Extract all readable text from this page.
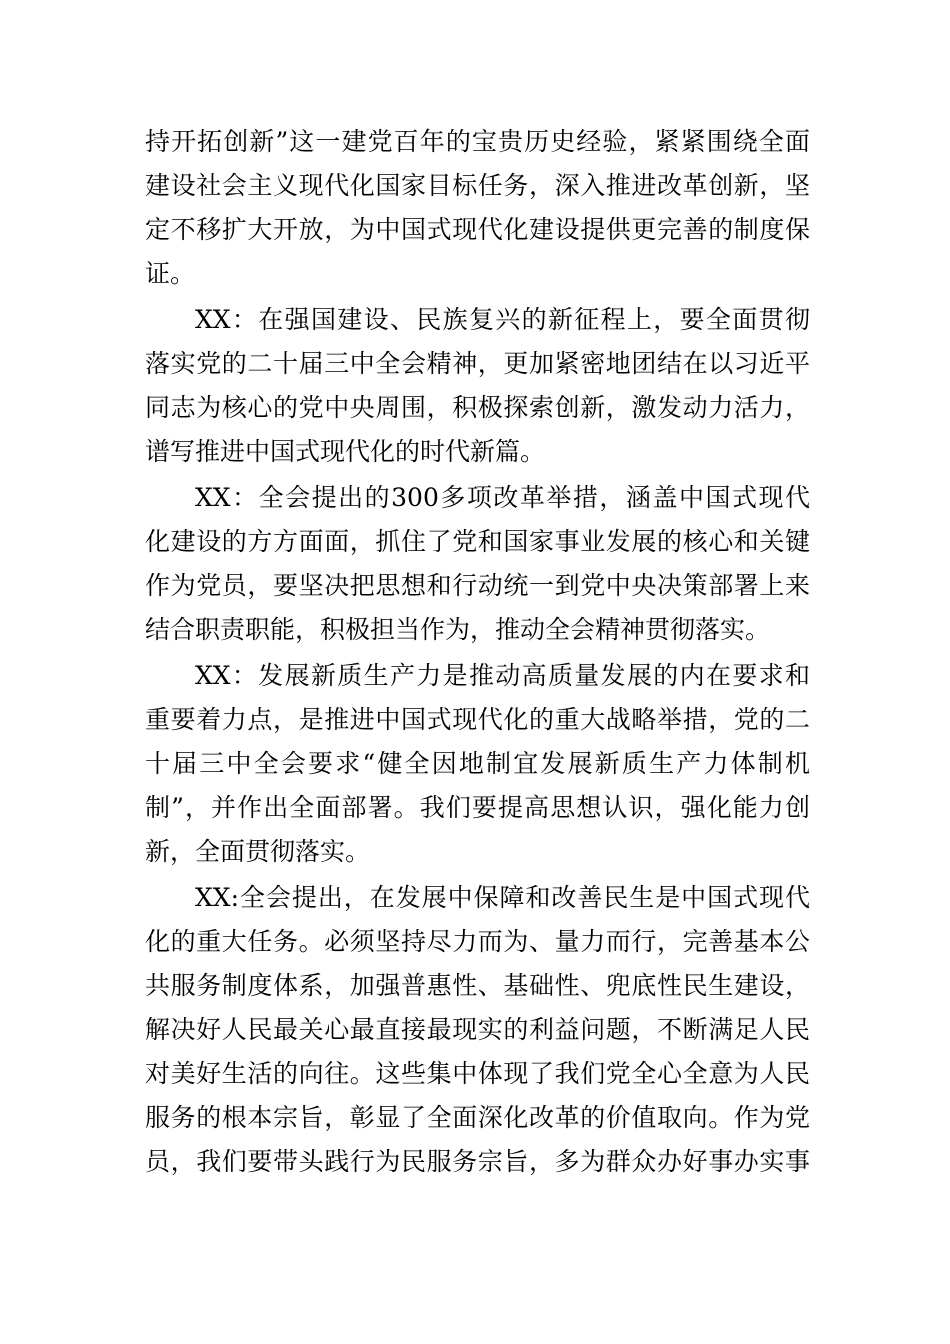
持开拓创新”这一建党百年的宝贵历史经验，紧紧围绕全面
建设社会主义现代化国家目标任务，深入推进改革创新，坚
定不移扩大开放，为中国式现代化建设提供更完善的制度保
证。
XX：在强国建设、民族复兴的新征程上，要全面贯彻
落实党的二十届三中全会精神，更加紧密地团结在以习近平
同志为核心的党中央周围，积极探索创新，激发动力活力，
谱写推进中国式现代化的时代新篇。
XX：全会提出的300多项改革举措，涵盖中国式现代
化建设的方方面面，抓住了党和国家事业发展的核心和关键
作为党员，要坚决把思想和行动统一到党中央决策部署上来
结合职责职能，积极担当作为，推动全会精神贯彻落实。
XX：发展新质生产力是推动高质量发展的内在要求和
重要着力点，是推进中国式现代化的重大战略举措，党的二
十届三中全会要求“健全因地制宜发展新质生产力体制机
制”，并作出全面部署。我们要提高思想认识，强化能力创
新，全面贯彻落实。
XX:全会提出，在发展中保障和改善民生是中国式现代
化的重大任务。必须坚持尽力而为、量力而行，完善基本公
共服务制度体系，加强普惠性、基础性、兜底性民生建设，
解决好人民最关心最直接最现实的利益问题，不断满足人民
对美好生活的向往。这些集中体现了我们党全心全意为人民
服务的根本宗旨，彰显了全面深化改革的价值取向。作为党
员，我们要带头践行为民服务宗旨，多为群众办好事办实事
